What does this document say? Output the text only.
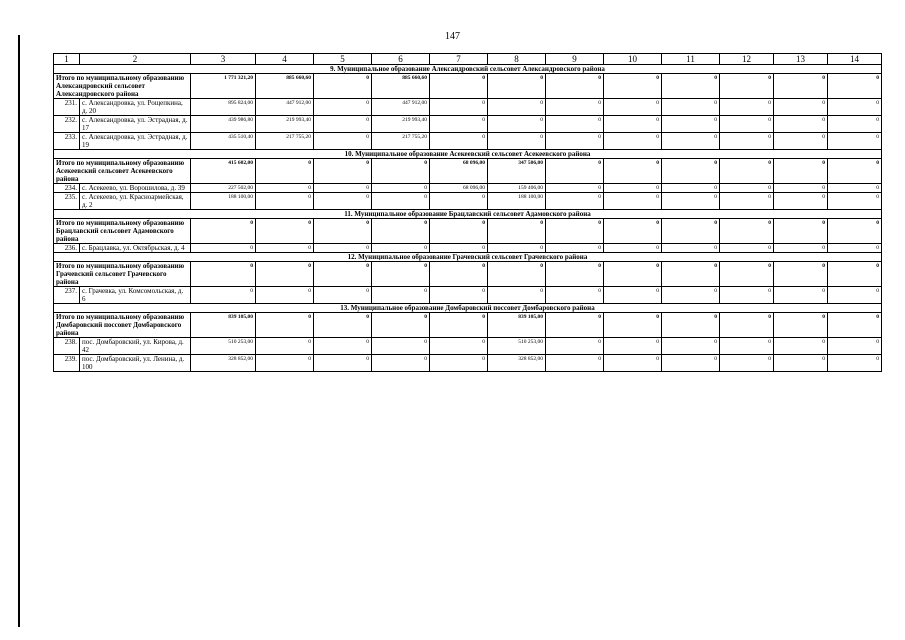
147
1	2	3	4	5	6	7	8	9	10	11	12	13	14
9. Муниципальное образование Александровский сельсовет Александровского района													
Итого по муниципальному образованию Александровский сельсовет Александровского района		1 771 321,20	885 660,60	0	885 660,60	0	0	0	0	0	0	0	0
231.	с. Александровка, ул. Рощепкина, д. 20	895 824,00	447 912,00	0	447 912,00	0	0	0	0	0	0	0	0
232.	с. Александровка, ул. Эстрадная, д. 17	439 986,80	219 993,40	0	219 993,40	0	0	0	0	0	0	0	0
233.	с. Александровка, ул. Эстрадная, д. 19	435 510,40	217 755,20	0	217 755,20	0	0	0	0	0	0	0	0
10. Муниципальное образование Асекеевский сельсовет Асекеевского района													
Итого по муниципальному образованию Асекеевский сельсовет Асекеевского района		415 602,00	0	0	0	68 096,00	347 506,00	0	0	0	0	0	0
234.	с. Асекеево, ул. Ворошилова, д. 39	227 502,00	0	0	0	68 096,00	159 406,00	0	0	0	0	0	0
235.	с. Асекеево, ул. Красноармейская, д. 2	188 100,00	0	0	0	0	188 100,00	0	0	0	0	0	0
11. Муниципальное образование Брацлавский сельсовет Адамовского района													
Итого по муниципальному образованию Брацлавский сельсовет Адамовского района		0	0	0	0	0	0	0	0	0	0	0	0
236.	с. Брацлавка, ул. Октябрьская, д. 4	0	0	0	0	0	0	0	0	0	0	0	0
12. Муниципальное образование Грачевский сельсовет Грачевского района													
Итого по муниципальному образованию Грачевский сельсовет Грачевского района		0	0	0	0	0	0	0	0	0	0	0	0
237.	с. Грачевка, ул. Комсомольская, д. 6	0	0	0	0	0	0	0	0	0	0	0	0
13. Муниципальное образование Домбаровский поссовет Домбаровского района													
Итого по муниципальному образованию Домбаровский поссовет Домбаровского района		839 105,00	0	0	0	0	839 105,00	0	0	0	0	0	0
238.	пос. Домбаровский, ул. Кирова, д. 42	510 253,00	0	0	0	0	510 253,00	0	0	0	0	0	0
239.	пос. Домбаровский, ул. Ленина, д. 100	328 852,00	0	0	0	0	328 852,00	0	0	0	0	0	0
